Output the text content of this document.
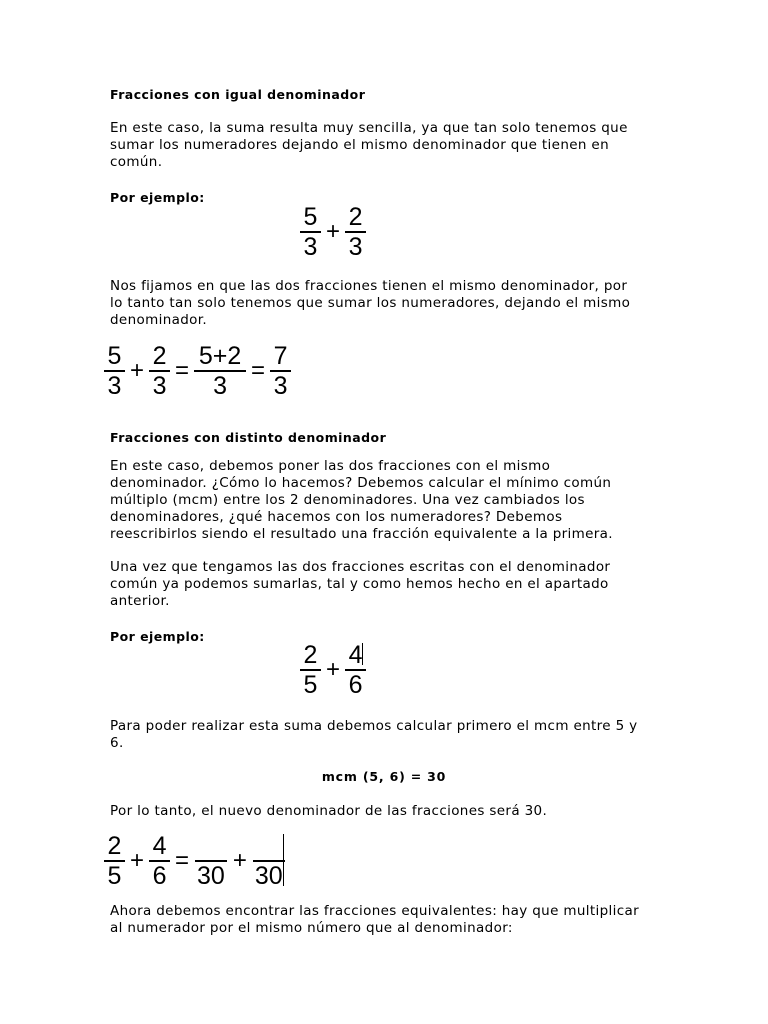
Fracciones con igual denominador
En este caso, la suma resulta muy sencilla, ya que tan solo tenemos que
sumar los numeradores dejando el mismo denominador que tienen en
común.
Por ejemplo:
$\frac{5}{3} + \frac{2}{3}$
Nos fijamos en que las dos fracciones tienen el mismo denominador, por
lo tanto tan solo tenemos que sumar los numeradores, dejando el mismo
denominador.
$\frac{5}{3} + \frac{2}{3} = \frac{5+2}{3} = \frac{7}{3}$
Fracciones con distinto denominador
En este caso, debemos poner las dos fracciones con el mismo
denominador. ¿Cómo lo hacemos? Debemos calcular el mínimo común
múltiplo (mcm) entre los 2 denominadores. Una vez cambiados los
denominadores, ¿qué hacemos con los numeradores? Debemos
reescribirlos siendo el resultado una fracción equivalente a la primera.
Una vez que tengamos las dos fracciones escritas con el denominador
común ya podemos sumarlas, tal y como hemos hecho en el apartado
anterior.
Por ejemplo:
$\frac{2}{5} + \frac{4}{6}$
Para poder realizar esta suma debemos calcular primero el mcm entre 5 y
6.
mcm (5, 6) = 30
Por lo tanto, el nuevo denominador de las fracciones será 30.
$\frac{2}{5} + \frac{4}{6}$ =
30
+
30
Ahora debemos encontrar las fracciones equivalentes: hay que multiplicar
al numerador por el mismo número que al denominador:
